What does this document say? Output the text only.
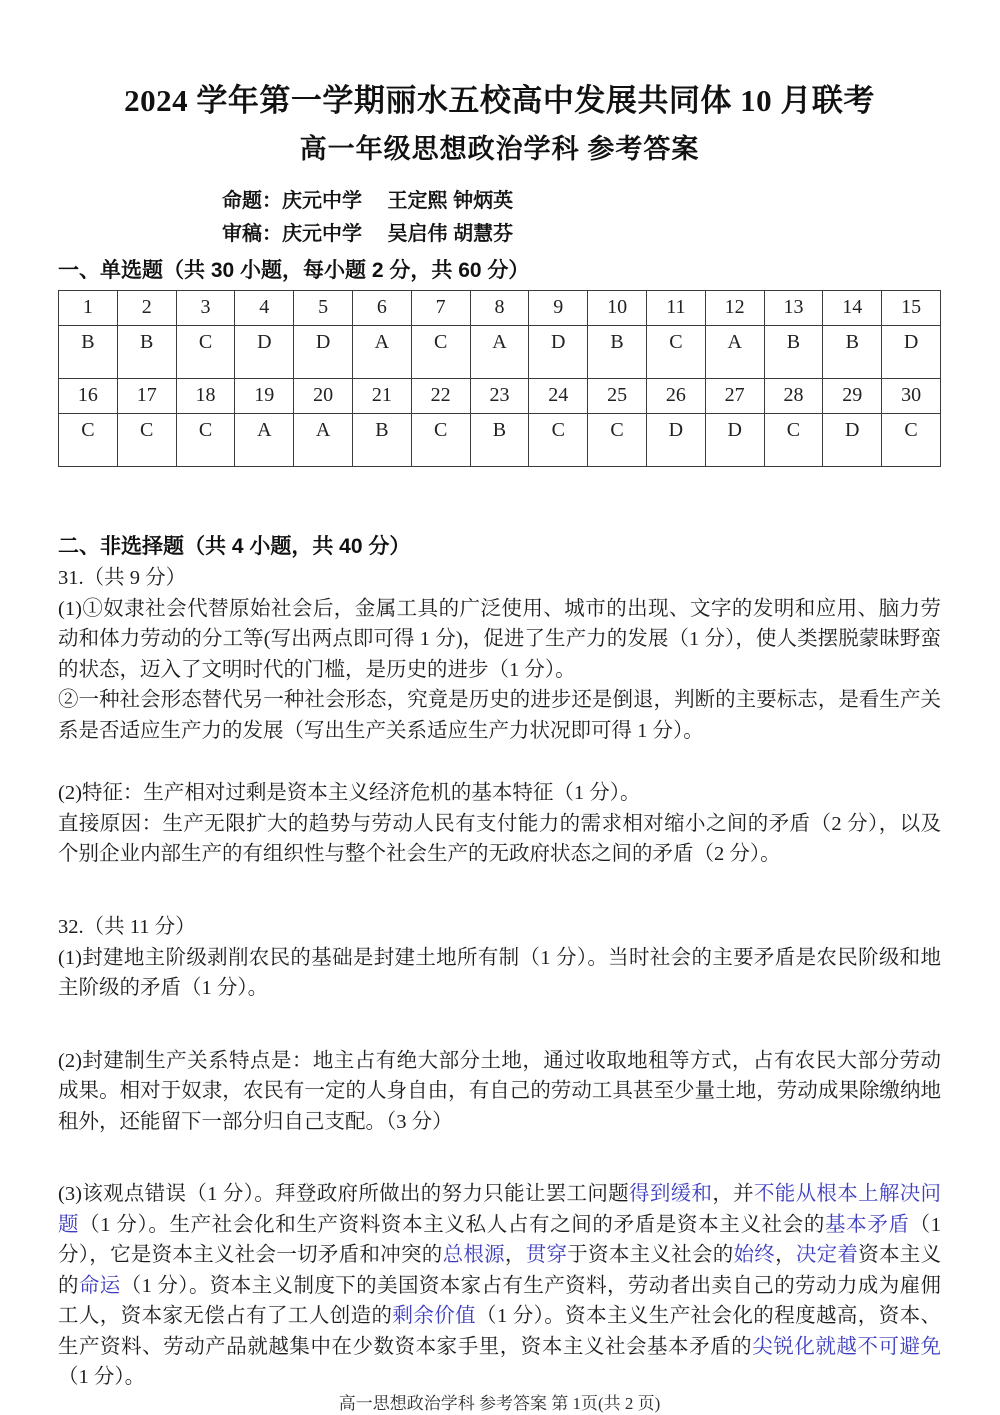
2024 学年第一学期丽水五校高中发展共同体 10 月联考
高一年级思想政治学科 参考答案
命题：庆元中学　 王定熙 钟炳英
审稿：庆元中学　 吴启伟 胡慧芬
一、单选题（共 30 小题，每小题 2 分，共 60 分）
1	2	3	4	5	6	7	8	9	10	11	12	13	14	15
B	B	C	D	D	A	C	A	D	B	C	A	B	B	D
16	17	18	19	20	21	22	23	24	25	26	27	28	29	30
C	C	C	A	A	B	C	B	C	C	D	D	C	D	C
二、非选择题（共 4 小题，共 40 分）
31.（共 9 分）

(1)①奴隶社会代替原始社会后，金属工具的广泛使用、城市的出现、文字的发明和应用、脑力劳动和体力劳动的分工等(写出两点即可得 1 分)，促进了生产力的发展（1 分），使人类摆脱蒙昧野蛮的状态，迈入了文明时代的门槛，是历史的进步（1 分）。

②一种社会形态替代另一种社会形态，究竟是历史的进步还是倒退，判断的主要标志，是看生产关系是否适应生产力的发展（写出生产关系适应生产力状况即可得 1 分）。

(2)特征：生产相对过剩是资本主义经济危机的基本特征（1 分）。

直接原因：生产无限扩大的趋势与劳动人民有支付能力的需求相对缩小之间的矛盾（2 分），以及个别企业内部生产的有组织性与整个社会生产的无政府状态之间的矛盾（2 分）。

32.（共 11 分）

(1)封建地主阶级剥削农民的基础是封建土地所有制（1 分）。当时社会的主要矛盾是农民阶级和地主阶级的矛盾（1 分）。

(2)封建制生产关系特点是：地主占有绝大部分土地，通过收取地租等方式，占有农民大部分劳动成果。相对于奴隶，农民有一定的人身自由，有自己的劳动工具甚至少量土地，劳动成果除缴纳地租外，还能留下一部分归自己支配。（3 分）

(3)该观点错误（1 分）。拜登政府所做出的努力只能让罢工问题得到缓和，并不能从根本上解决问题（1 分）。生产社会化和生产资料资本主义私人占有之间的矛盾是资本主义社会的基本矛盾（1 分），它是资本主义社会一切矛盾和冲突的总根源，贯穿于资本主义社会的始终，决定着资本主义的命运（1 分）。资本主义制度下的美国资本家占有生产资料，劳动者出卖自己的劳动力成为雇佣工人，资本家无偿占有了工人创造的剩余价值（1 分）。资本主义生产社会化的程度越高，资本、生产资料、劳动产品就越集中在少数资本家手里，资本主义社会基本矛盾的尖锐化就越不可避免（1 分）。

高一思想政治学科 参考答案 第 1页(共 2 页)
